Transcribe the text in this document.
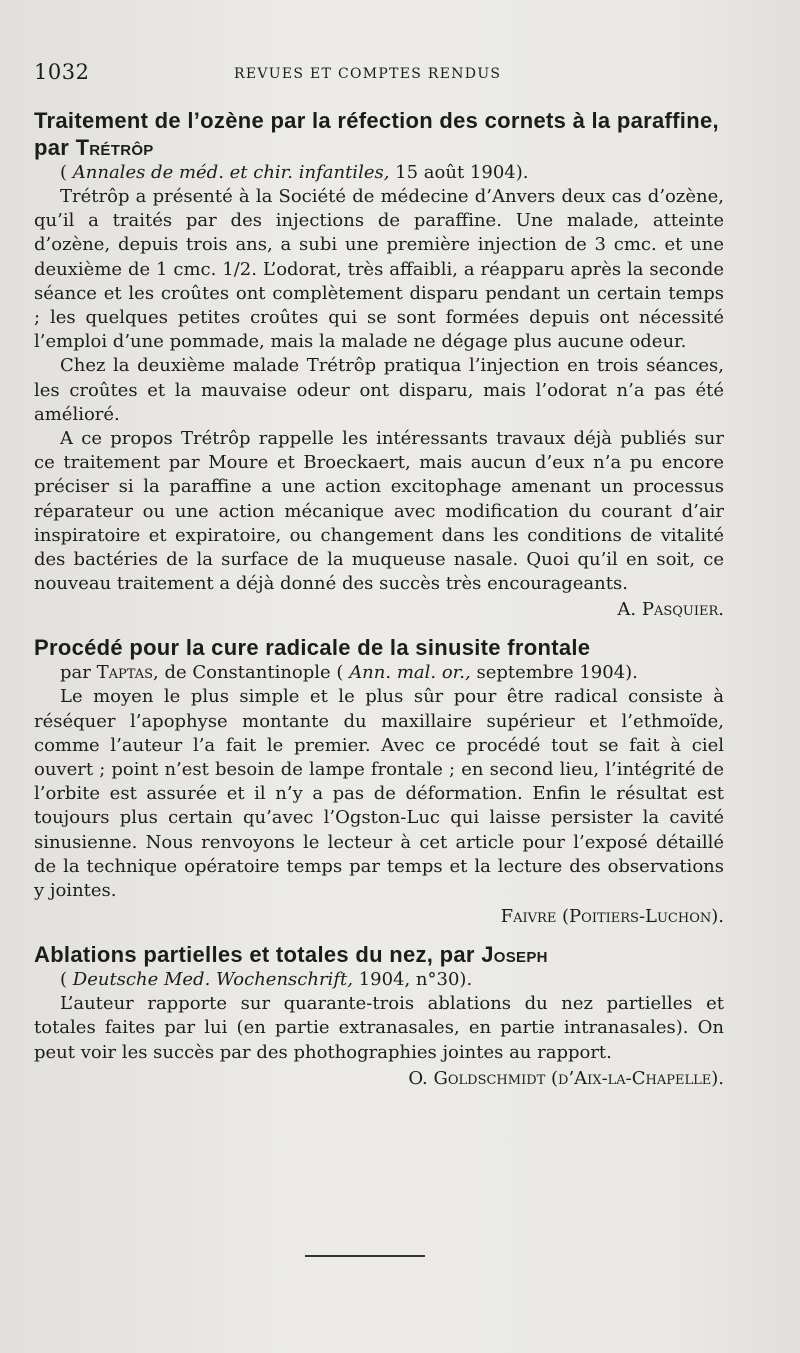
1032	REVUES ET COMPTES RENDUS
Traitement de l’ozène par la réfection des cornets à la paraffine, par Trétrôp
( Annales de méd. et chir. infantiles, 15 août 1904).

Trétrôp a présenté à la Société de médecine d’Anvers deux cas d’ozène, qu’il a traités par des injections de paraffine. Une malade, atteinte d’ozène, depuis trois ans, a subi une première injection de 3 cmc. et une deuxième de 1 cmc. 1/2. L’odorat, très affaibli, a réapparu après la seconde séance et les croûtes ont complètement disparu pendant un certain temps ; les quelques petites croûtes qui se sont formées depuis ont nécessité l’emploi d’une pommade, mais la malade ne dégage plus aucune odeur.

Chez la deuxième malade Trétrôp pratiqua l’injection en trois séances, les croûtes et la mauvaise odeur ont disparu, mais l’odorat n’a pas été amélioré.

A ce propos Trétrôp rappelle les intéressants travaux déjà publiés sur ce traitement par Moure et Broeckaert, mais aucun d’eux n’a pu encore préciser si la paraffine a une action excitophage amenant un processus réparateur ou une action mécanique avec modification du courant d’air inspiratoire et expiratoire, ou changement dans les conditions de vitalité des bactéries de la surface de la muqueuse nasale. Quoi qu’il en soit, ce nouveau traitement a déjà donné des succès très encourageants.

A. Pasquier.
Procédé pour la cure radicale de la sinusite frontale
par Taptas, de Constantinople ( Ann. mal. or., septembre 1904).

Le moyen le plus simple et le plus sûr pour être radical consiste à réséquer l’apophyse montante du maxillaire supérieur et l’ethmoïde, comme l’auteur l’a fait le premier. Avec ce procédé tout se fait à ciel ouvert ; point n’est besoin de lampe frontale ; en second lieu, l’intégrité de l’orbite est assurée et il n’y a pas de déformation. Enfin le résultat est toujours plus certain qu’avec l’Ogston-Luc qui laisse persister la cavité sinusienne. Nous renvoyons le lecteur à cet article pour l’exposé détaillé de la technique opératoire temps par temps et la lecture des observations y jointes.

Faivre (Poitiers-Luchon).
Ablations partielles et totales du nez, par Joseph
( Deutsche Med. Wochenschrift, 1904, n°30).

L’auteur rapporte sur quarante-trois ablations du nez partielles et totales faites par lui (en partie extranasales, en partie intranasales). On peut voir les succès par des phothographies jointes au rapport.

O. Goldschmidt (d’Aix-la-Chapelle).
